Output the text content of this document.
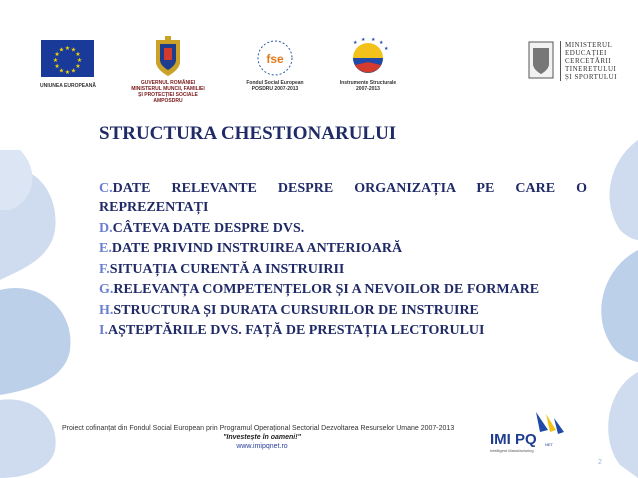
★ ★
★
★
★
★
★
★
★
★
★
★
UNIUNEA EUROPEANĂ	GUVERNUL ROMÂNIEI
MINISTERUL MUNCII, FAMILIEI
ȘI PROTECȚIEI SOCIALE
AMPOSDRU
fse
Fondul Social European
POSDRU 2007-2013
★ ★ ★ ★
★
Instrumente Structurale
2007-2013
MINISTERUL
EDUCAȚIEI
CERCETĂRII
TINERETULUI
ȘI SPORTULUI
STRUCTURA CHESTIONARULUI
C.DATE RELEVANTE DESPRE ORGANIZAȚIA PE CARE O REPREZENTAȚI
D.CÂTEVA DATE DESPRE DVS.
E.DATE PRIVIND INSTRUIREA ANTERIOARĂ
F.SITUAȚIA CURENTĂ A INSTRUIRII
G.RELEVANȚA COMPETENȚELOR ȘI A NEVOILOR DE FORMARE
H.STRUCTURA ȘI DURATA CURSURILOR DE INSTRUIRE
I.AȘTEPTĂRILE DVS. FAȚĂ DE PRESTAȚIA LECTORULUI
Proiect cofinanțat din Fondul Social European prin Programul Operațional Sectorial Dezvoltarea Resurselor Umane 2007-2013
"Investește în oameni!"
www.imipqnet.ro	IMI PQ NET
Intelligent Manufacturing
2
